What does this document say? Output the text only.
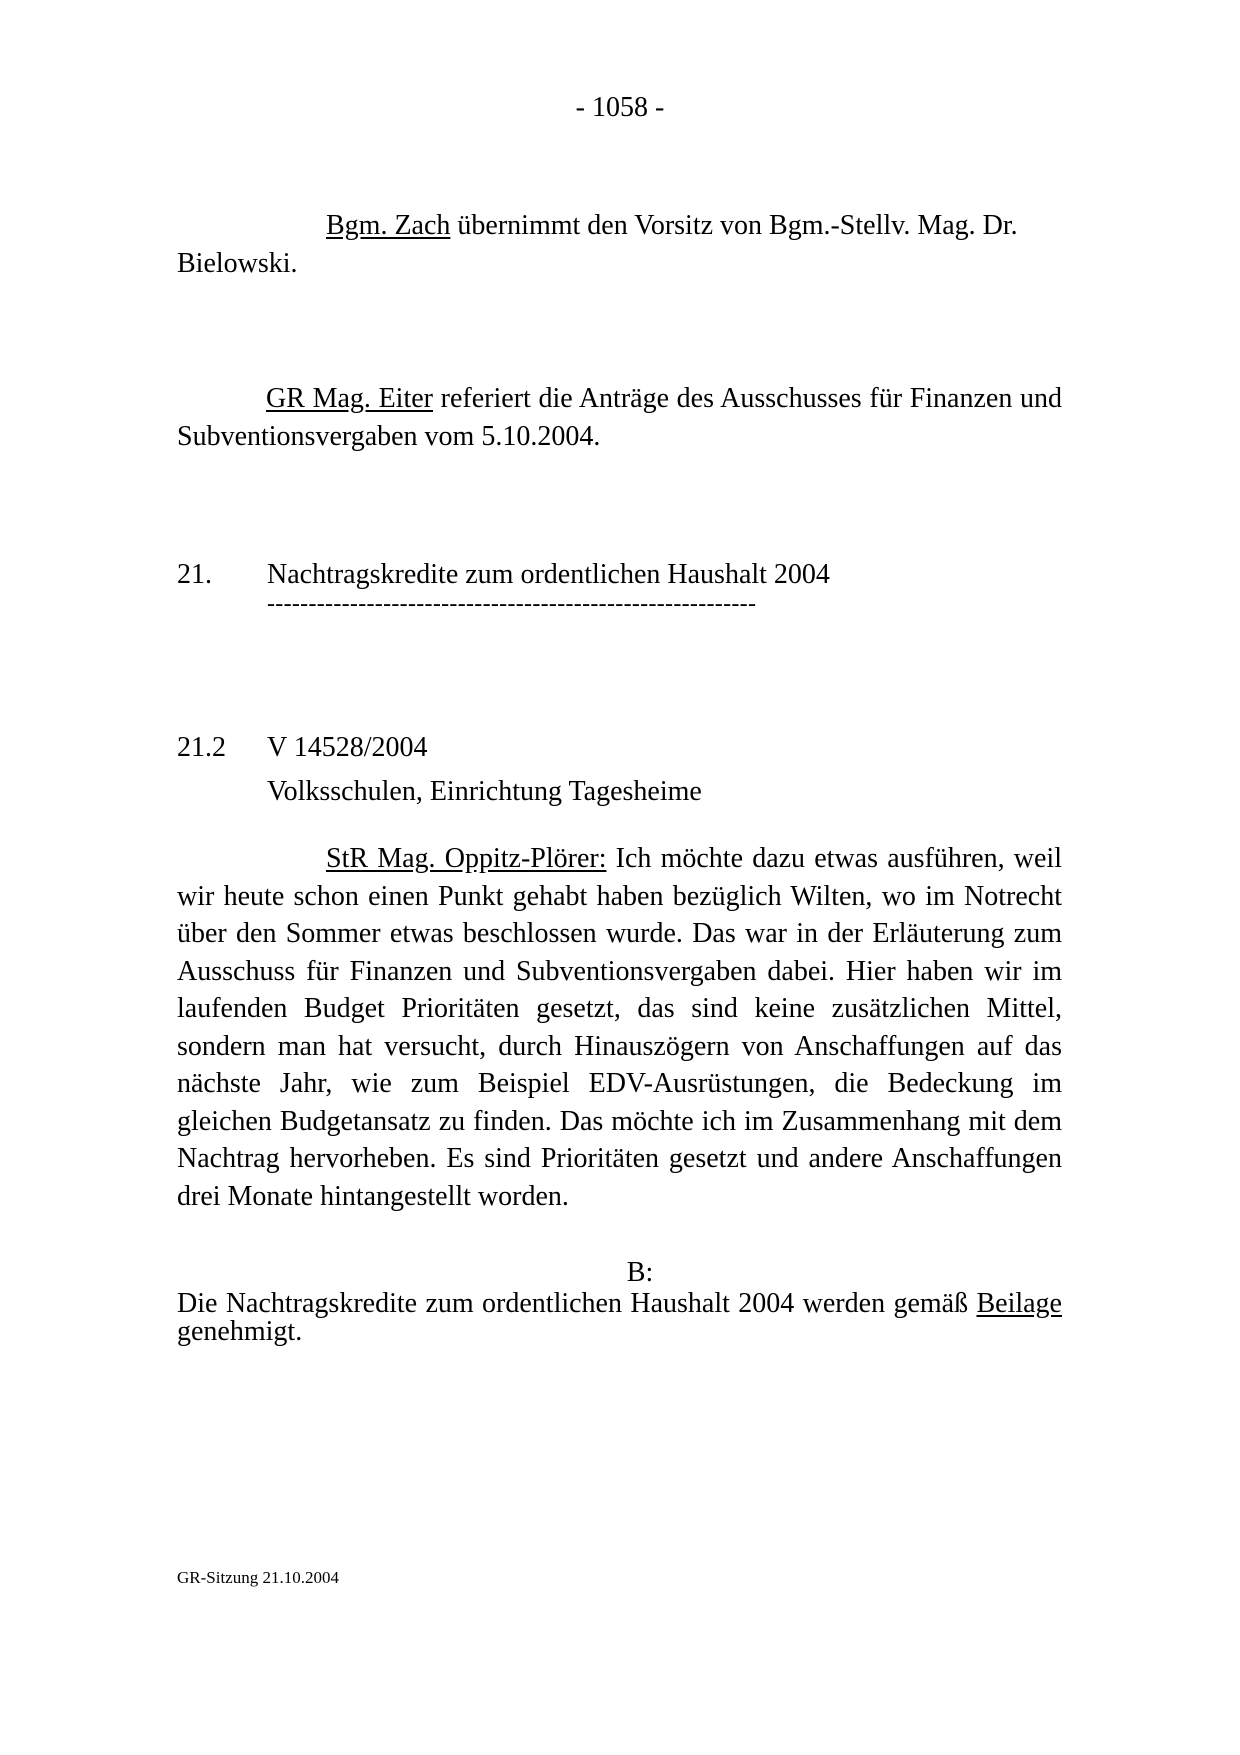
- 1058 -
Bgm. Zach übernimmt den Vorsitz von Bgm.-Stellv. Mag. Dr. Bielowski.
GR Mag. Eiter referiert die Anträge des Ausschusses für Finanzen und Subventionsvergaben vom 5.10.2004.
21. Nachtragskredite zum ordentlichen Haushalt 2004
-----------------------------------------------------------
21.2 V 14528/2004
Volksschulen, Einrichtung Tagesheime
StR Mag. Oppitz-Plörer: Ich möchte dazu etwas ausführen, weil wir heute schon einen Punkt gehabt haben bezüglich Wilten, wo im Notrecht über den Sommer etwas beschlossen wurde. Das war in der Erläuterung zum Ausschuss für Finanzen und Subventionsvergaben dabei. Hier haben wir im laufenden Budget Prioritäten gesetzt, das sind keine zusätzlichen Mittel, sondern man hat versucht, durch Hinauszögern von Anschaffungen auf das nächste Jahr, wie zum Beispiel EDV-Ausrüstungen, die Bedeckung im gleichen Budgetansatz zu finden. Das möchte ich im Zusammenhang mit dem Nachtrag hervorheben. Es sind Prioritäten gesetzt und andere Anschaffungen drei Monate hintangestellt worden.
B:
Die Nachtragskredite zum ordentlichen Haushalt 2004 werden gemäß Beilage genehmigt.
GR-Sitzung 21.10.2004
